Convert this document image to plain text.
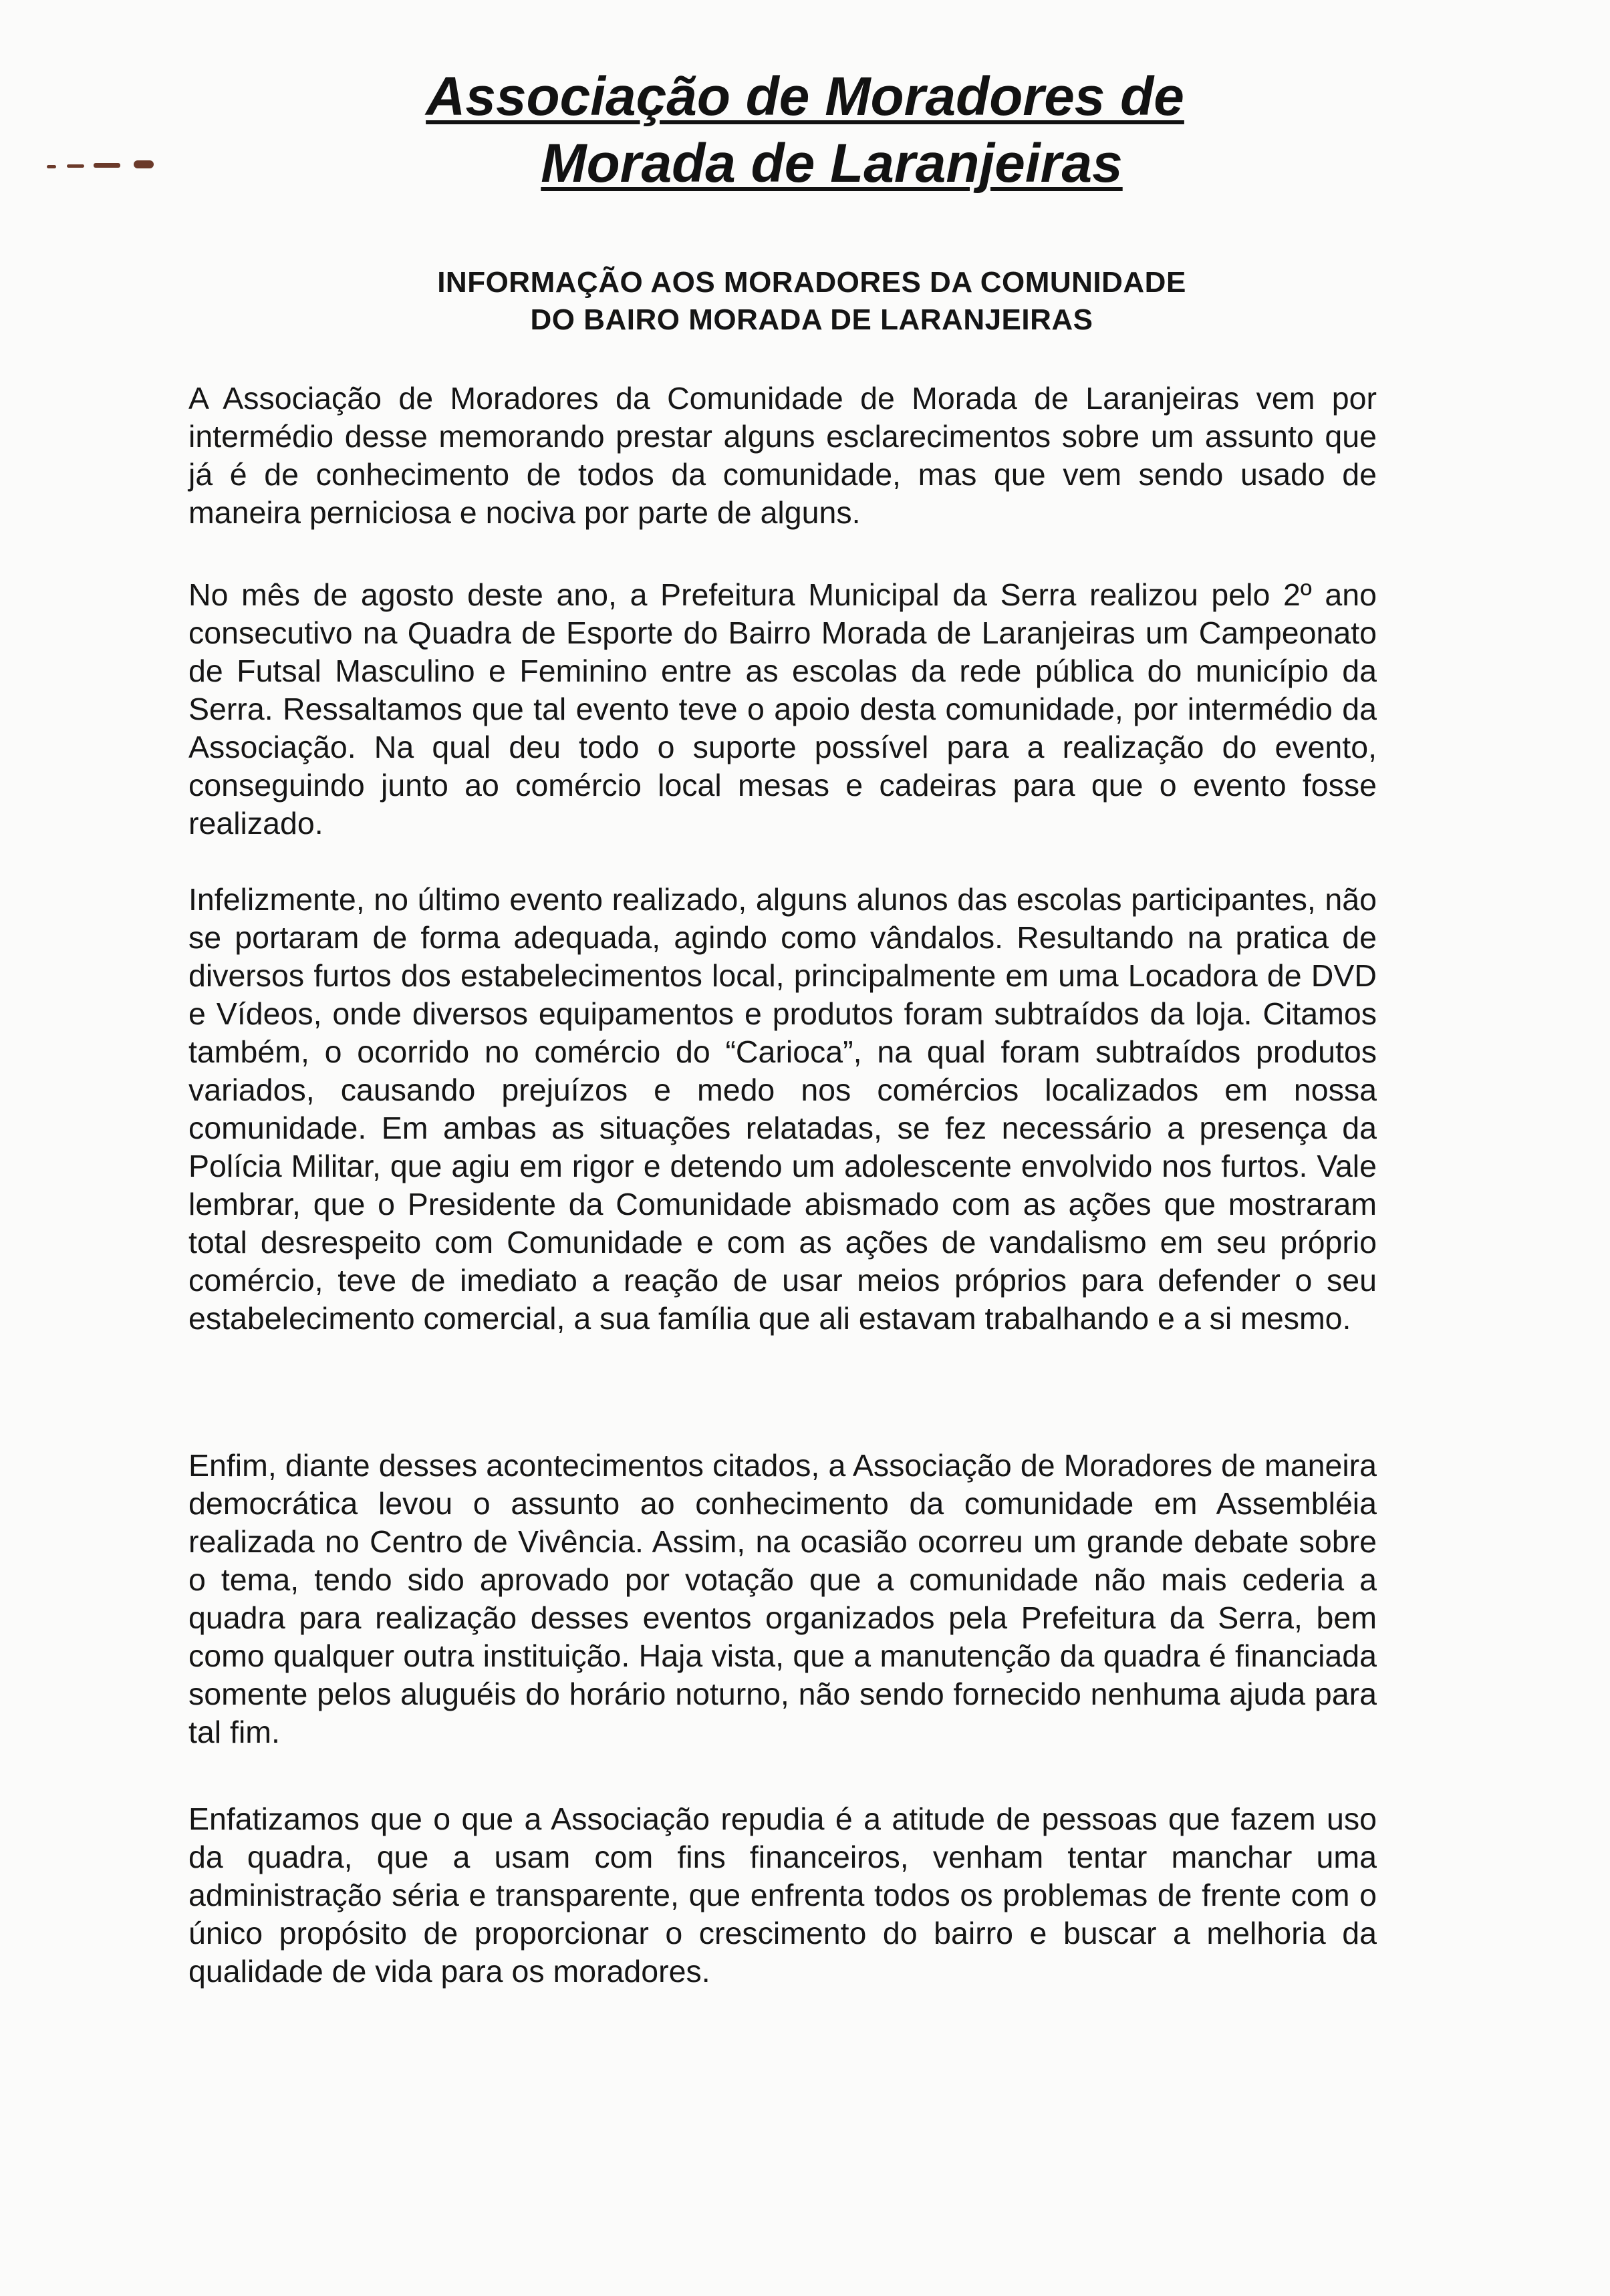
Associação de Moradores de
Morada de Laranjeiras
INFORMAÇÃO AOS MORADORES DA COMUNIDADE
DO BAIRO MORADA DE LARANJEIRAS

A Associação de Moradores da Comunidade de Morada de Laranjeiras vem por intermédio desse memorando prestar alguns esclarecimentos sobre um assunto que já é de conhecimento de todos da comunidade, mas que vem sendo usado de maneira perniciosa e nociva por parte de alguns.

No mês de agosto deste ano, a Prefeitura Municipal da Serra realizou pelo 2º ano consecutivo na Quadra de Esporte do Bairro Morada de Laranjeiras um Campeonato de Futsal Masculino e Feminino entre as escolas da rede pública do município da Serra. Ressaltamos que tal evento teve o apoio desta comunidade, por intermédio da Associação. Na qual deu todo o suporte possível para a realização do evento, conseguindo junto ao comércio local mesas e cadeiras para que o evento fosse realizado.

Infelizmente, no último evento realizado, alguns alunos das escolas participantes, não se portaram de forma adequada, agindo como vândalos. Resultando na pratica de diversos furtos dos estabelecimentos local, principalmente em uma Locadora de DVD e Vídeos, onde diversos equipamentos e produtos foram subtraídos da loja. Citamos também, o ocorrido no comércio do “Carioca”, na qual foram subtraídos produtos variados, causando prejuízos e medo nos comércios localizados em nossa comunidade. Em ambas as situações relatadas, se fez necessário a presença da Polícia Militar, que agiu em rigor e detendo um adolescente envolvido nos furtos. Vale lembrar, que o Presidente da Comunidade abismado com as ações que mostraram total desrespeito com Comunidade e com as ações de vandalismo em seu próprio comércio, teve de imediato a reação de usar meios próprios para defender o seu estabelecimento comercial, a sua família que ali estavam trabalhando e a si mesmo.

Enfim, diante desses acontecimentos citados, a Associação de Moradores de maneira democrática levou o assunto ao conhecimento da comunidade em Assembléia realizada no Centro de Vivência. Assim, na ocasião ocorreu um grande debate sobre o tema, tendo sido aprovado por votação que a comunidade não mais cederia a quadra para realização desses eventos organizados pela Prefeitura da Serra, bem como qualquer outra instituição. Haja vista, que a manutenção da quadra é financiada somente pelos aluguéis do horário noturno, não sendo fornecido nenhuma ajuda para tal fim.

Enfatizamos que o que a Associação repudia é a atitude de pessoas que fazem uso da quadra, que a usam com fins financeiros, venham tentar manchar uma administração séria e transparente, que enfrenta todos os problemas de frente com o único propósito de proporcionar o crescimento do bairro e buscar a melhoria da qualidade de vida para os moradores.
